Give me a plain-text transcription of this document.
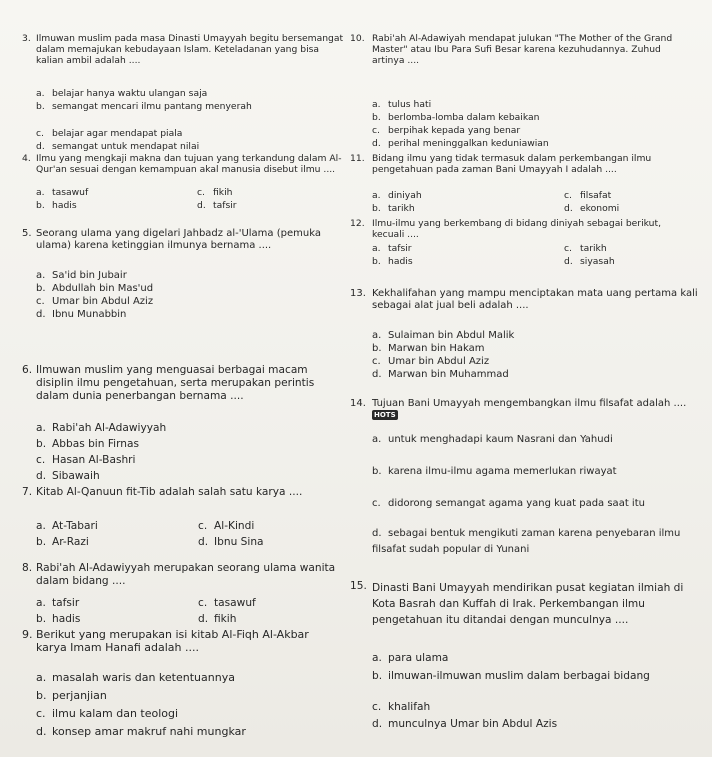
3. Ilmuwan muslim pada masa Dinasti Umayyah begitu bersemangat dalam memajukan kebudayaan Islam. Keteladanan yang bisa kalian ambil adalah ....
a. belajar hanya waktu ulangan saja
b. semangat mencari ilmu pantang menyerah
c. belajar agar mendapat piala
d. semangat untuk mendapat nilai
4. Ilmu yang mengkaji makna dan tujuan yang terkandung dalam Al-Qur'an sesuai dengan kemampuan akal manusia disebut ilmu ....
a. tasawuf	c. fikih
b. hadis	d. tafsir
5. Seorang ulama yang digelari Jahbadz al-'Ulama (pemuka ulama) karena ketinggian ilmunya bernama ....
a. Sa'id bin Jubair
b. Abdullah bin Mas'ud
c. Umar bin Abdul Aziz
d. Ibnu Munabbin
6. Ilmuwan muslim yang menguasai berbagai macam disiplin ilmu pengetahuan, serta merupakan perintis dalam dunia penerbangan bernama ....
a. Rabi'ah Al-Adawiyyah
b. Abbas bin Firnas
c. Hasan Al-Bashri
d. Sibawaih
7. Kitab Al-Qanuun fit-Tib adalah salah satu karya ....
a. At-Tabari	c. Al-Kindi
b. Ar-Razi	d. Ibnu Sina
8. Rabi'ah Al-Adawiyyah merupakan seorang ulama wanita dalam bidang ....
a. tafsir	c. tasawuf
b. hadis	d. fikih
9. Berikut yang merupakan isi kitab Al-Fiqh Al-Akbar karya Imam Hanafi adalah ....
a. masalah waris dan ketentuannya
b. perjanjian
c. ilmu kalam dan teologi
d. konsep amar makruf nahi mungkar
10. Rabi'ah Al-Adawiyah mendapat julukan "The Mother of the Grand Master" atau Ibu Para Sufi Besar karena kezuhudannya. Zuhud artinya ....
a. tulus hati
b. berlomba-lomba dalam kebaikan
c. berpihak kepada yang benar
d. perihal meninggalkan keduniawian
11. Bidang ilmu yang tidak termasuk dalam perkembangan ilmu pengetahuan pada zaman Bani Umayyah I adalah ....
a. diniyah	c. filsafat
b. tarikh	d. ekonomi
12. Ilmu-ilmu yang berkembang di bidang diniyah sebagai berikut, kecuali ....
a. tafsir	c. tarikh
b. hadis	d. siyasah
13. Kekhalifahan yang mampu menciptakan mata uang pertama kali sebagai alat jual beli adalah ....
a. Sulaiman bin Abdul Malik
b. Marwan bin Hakam
c. Umar bin Abdul Aziz
d. Marwan bin Muhammad
14. Tujuan Bani Umayyah mengembangkan ilmu filsafat adalah .... HOTS
a. untuk menghadapi kaum Nasrani dan Yahudi
b. karena ilmu-ilmu agama memerlukan riwayat
c. didorong semangat agama yang kuat pada saat itu
d. sebagai bentuk mengikuti zaman karena penyebaran ilmu filsafat sudah popular di Yunani
15. Dinasti Bani Umayyah mendirikan pusat kegiatan ilmiah di Kota Basrah dan Kuffah di Irak. Perkembangan ilmu pengetahuan itu ditandai dengan munculnya ....
a. para ulama
b. ilmuwan-ilmuwan muslim dalam berbagai bidang
c. khalifah
d. munculnya Umar bin Abdul Azis
